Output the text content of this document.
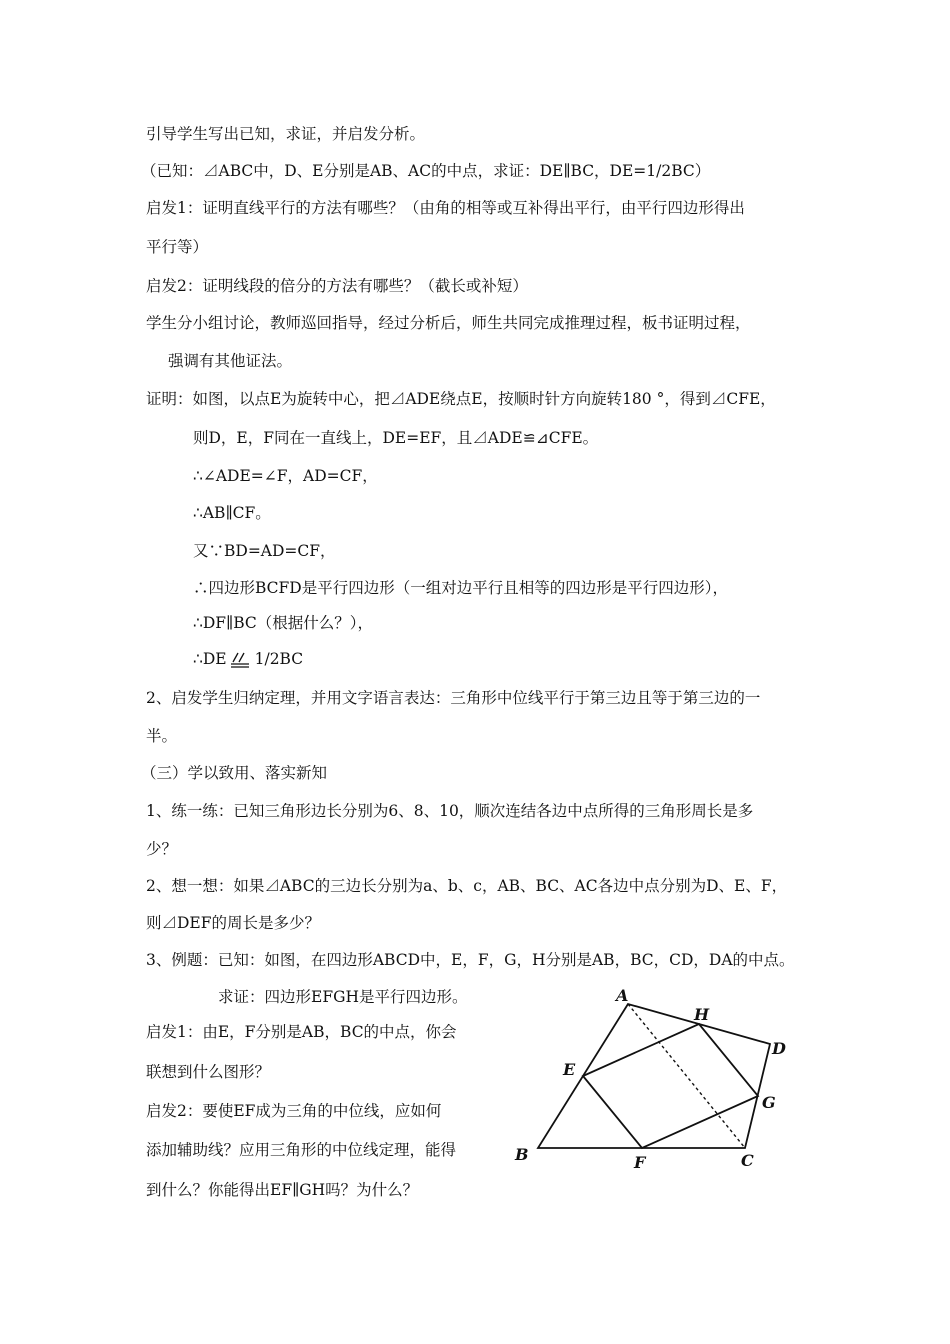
引导学生写出已知，求证，并启发分析。
（已知：⊿ABC中，D、E分别是AB、AC的中点，求证：DE∥BC，DE=1/2BC）
启发1：证明直线平行的方法有哪些？（由角的相等或互补得出平行，由平行四边形得出
平行等）
启发2：证明线段的倍分的方法有哪些？（截长或补短）
学生分小组讨论，教师巡回指导，经过分析后，师生共同完成推理过程，板书证明过程，
强调有其他证法。
证明：如图，以点E为旋转中心，把⊿ADE绕点E，按顺时针方向旋转180 °，得到⊿CFE，
则D，E，F同在一直线上，DE=EF，且⊿ADE≌⊿CFE。
∴∠ADE=∠F，AD=CF，
∴AB∥CF。
又∵BD=AD=CF，
∴四边形BCFD是平行四边形（一组对边平行且相等的四边形是平行四边形），
∴DF∥BC（根据什么？），
∴DE 1/2BC
2、启发学生归纳定理，并用文字语言表达：三角形中位线平行于第三边且等于第三边的一
半。
（三）学以致用、落实新知
1、练一练：已知三角形边长分别为6、8、10，顺次连结各边中点所得的三角形周长是多
少？
2、想一想：如果⊿ABC的三边长分别为a、b、c，AB、BC、AC各边中点分别为D、E、F，
则⊿DEF的周长是多少？
3、例题：已知：如图，在四边形ABCD中，E，F，G，H分别是AB，BC，CD，DA的中点。
求证：四边形EFGH是平行四边形。
启发1：由E，F分别是AB，BC的中点，你会
联想到什么图形？
启发2：要使EF成为三角的中位线，应如何
添加辅助线？应用三角形的中位线定理，能得
到什么？你能得出EF∥GH吗？为什么？
A
H
D
E
G
B	F	C
